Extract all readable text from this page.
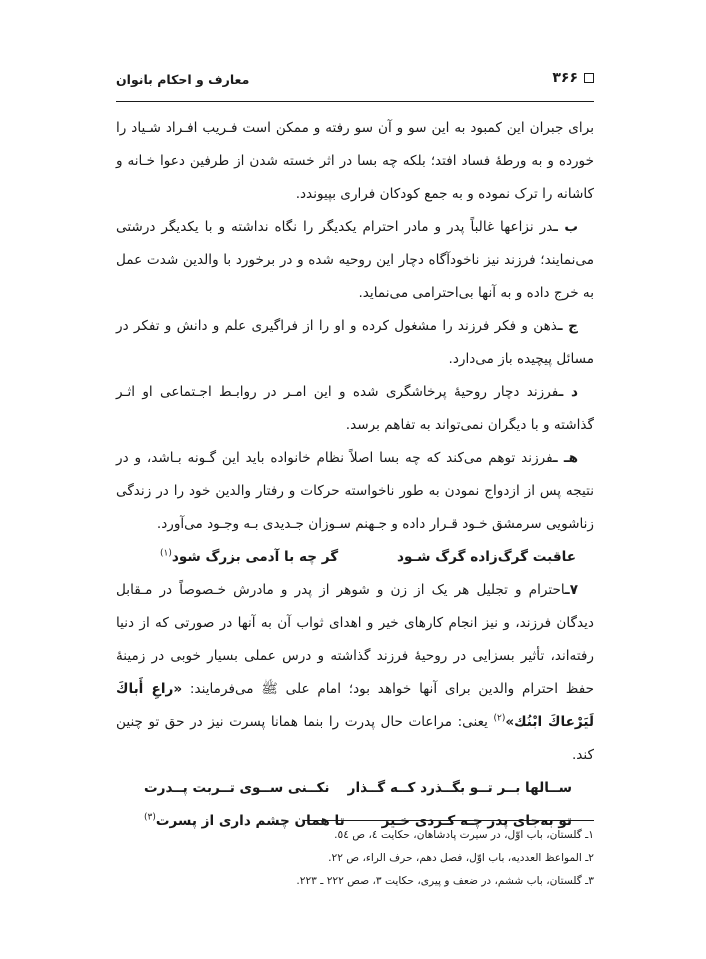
٣۶۶
معارف و احکام بانوان

برای جبران این کمبود به این سو و آن سو رفته و ممکن است فـریب افـراد شـیاد را خورده و به ورطهٔ فساد افتد؛ بلکه چه بسا در اثر خسته شدن از طرفین دعوا خـانه و کاشانه را ترک نموده و به جمع کودکان فراری بپیوندد.

ب ـدر نزاعها غالباً پدر و مادر احترام یکدیگر را نگاه نداشته و با یکدیگر درشتی می‌نمایند؛ فرزند نیز ناخودآگاه دچار این روحیه شده و در برخورد با والدین شدت عمل به خرج داده و به آنها بی‌احترامی می‌نماید.

ج ـذهن و فکر فرزند را مشغول کرده و او را از فراگیری علم و دانش و تفکر در مسائل پیچیده باز می‌دارد.

د ـفرزند دچار روحیهٔ پرخاشگری شده و این امـر در روابـط اجـتماعی او اثـر گذاشته و با دیگران نمی‌تواند به تفاهم برسد.

هـ ـفرزند توهم می‌کند که چه بسا اصلاً نظام خانواده باید این گـونه بـاشد، و در نتیجه پس از ازدواج نمودن به طور ناخواسته حرکات و رفتار والدین خود را در زندگی زناشویی سرمشق خـود قـرار داده و جـهنم سـوزان جـدیدی بـه وجـود می‌آورد.

عاقبت گرگ‌زاده گرگ شـود
گر چه با آدمی بزرگ شود$^{(١)}$

٧ـاحترام و تجلیل هر یک از زن و شوهر از پدر و مادرش خـصوصاً در مـقابل دیدگان فرزند، و نیز انجام کارهای خیر و اهدای ثواب آن به آنها در صورتی که از دنیا رفته‌اند، تأثیر بسزایی در روحیهٔ فرزند گذاشته و درس عملی بسیار خوبی در زمینهٔ حفظ احترام والدین برای آنها خواهد بود؛ امام علی ﷺ می‌فرمایند: «راعِ أَباكَ لَيَرْعاكَ ابْنُك»$^{(٢)}$ یعنی: مراعات حال پدرت را بنما همانا پسرت نیز در حق تو چنین کند.

ســالها بــر تــو بگــذرد کــه گــذار
نکــنی ســوی تــربت پــدرت
تو به‌جای پدر چـه کـردی خـیر
تا همان چشم داری از پسرت$^{(٣)}$
١ـ گلستان، باب اوّل، در سیرت پادشاهان، حکایت ٤، ص ٥٤.
٢ـ المواعظ العددیه، باب اوّل، فصل دهم، حرف الراء، ص ٢٢.
٣ـ گلستان، باب ششم، در ضعف و پیری، حکایت ٣، صص ٢٢٢ ـ ٢٢٣.
